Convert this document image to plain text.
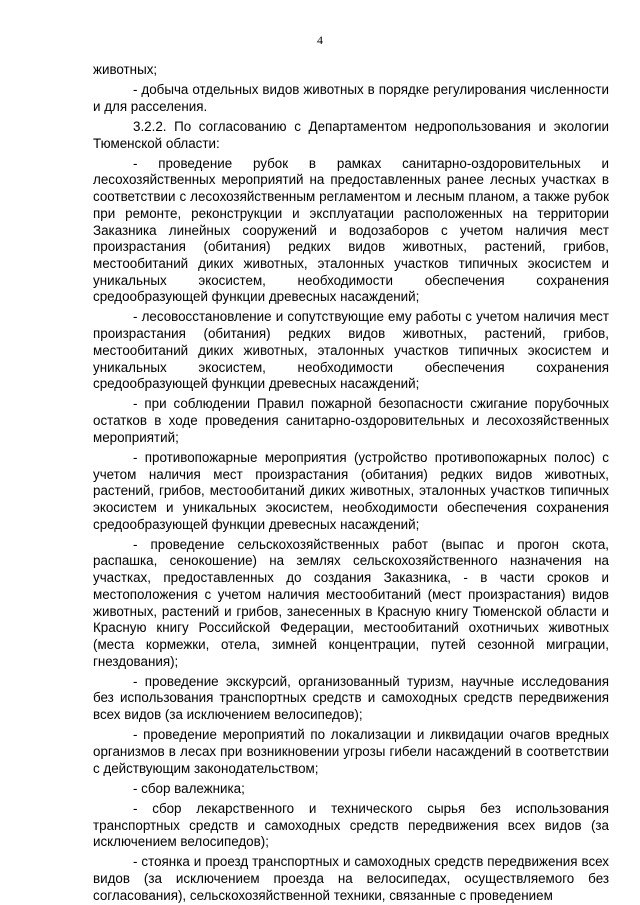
4

животных;

- добыча отдельных видов животных в порядке регулирования численности и для расселения.

3.2.2. По согласованию с Департаментом недропользования и экологии Тюменской области:

- проведение рубок в рамках санитарно-оздоровительных и лесохозяйственных мероприятий на предоставленных ранее лесных участках в соответствии с лесохозяйственным регламентом и лесным планом, а также рубок при ремонте, реконструкции и эксплуатации расположенных на территории Заказника линейных сооружений и водозаборов с учетом наличия мест произрастания (обитания) редких видов животных, растений, грибов, местообитаний диких животных, эталонных участков типичных экосистем и уникальных экосистем, необходимости обеспечения сохранения средообразующей функции древесных насаждений;

- лесовосстановление и сопутствующие ему работы с учетом наличия мест произрастания (обитания) редких видов животных, растений, грибов, местообитаний диких животных, эталонных участков типичных экосистем и уникальных экосистем, необходимости обеспечения сохранения средообразующей функции древесных насаждений;

- при соблюдении Правил пожарной безопасности сжигание порубочных остатков в ходе проведения санитарно-оздоровительных и лесохозяйственных мероприятий;

- противопожарные мероприятия (устройство противопожарных полос) с учетом наличия мест произрастания (обитания) редких видов животных, растений, грибов, местообитаний диких животных, эталонных участков типичных экосистем и уникальных экосистем, необходимости обеспечения сохранения средообразующей функции древесных насаждений;

- проведение сельскохозяйственных работ (выпас и прогон скота, распашка, сенокошение) на землях сельскохозяйственного назначения на участках, предоставленных до создания Заказника, - в части сроков и местоположения с учетом наличия местообитаний (мест произрастания) видов животных, растений и грибов, занесенных в Красную книгу Тюменской области и Красную книгу Российской Федерации, местообитаний охотничьих животных (места кормежки, отела, зимней концентрации, путей сезонной миграции, гнездования);

- проведение экскурсий, организованный туризм, научные исследования без использования транспортных средств и самоходных средств передвижения всех видов (за исключением велосипедов);

- проведение мероприятий по локализации и ликвидации очагов вредных организмов в лесах при возникновении угрозы гибели насаждений в соответствии с действующим законодательством;

- сбор валежника;

- сбор лекарственного и технического сырья без использования транспортных средств и самоходных средств передвижения всех видов (за исключением велосипедов);

- стоянка и проезд транспортных и самоходных средств передвижения всех видов (за исключением проезда на велосипедах, осуществляемого без согласования), сельскохозяйственной техники, связанные с проведением
